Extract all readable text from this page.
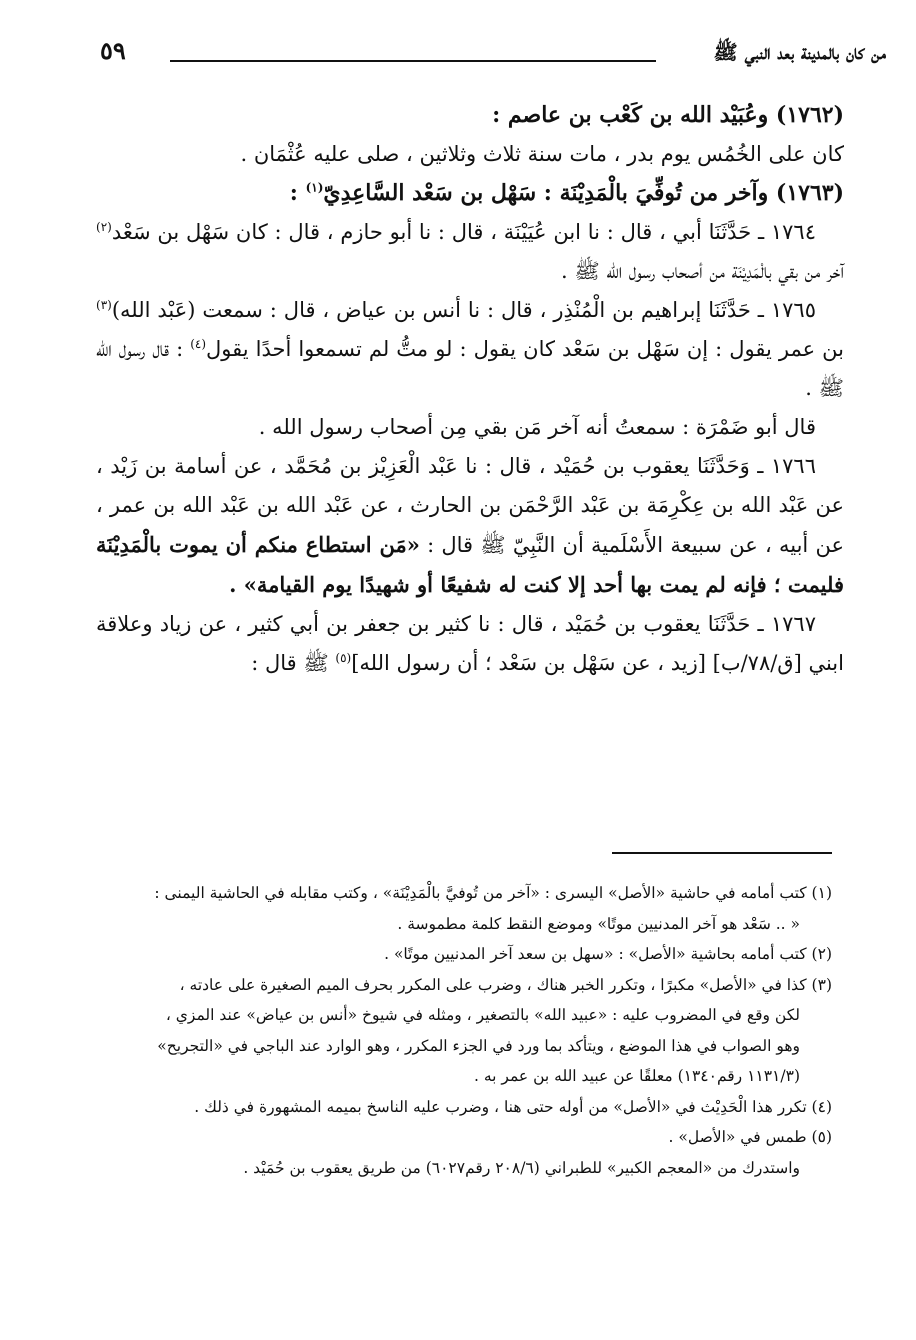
من كان بالمدينة بعد النبي ﷺ
٥٩

(١٧٦٢) وعُبَيْد الله بن كَعْب بن عاصم :

كان على الخُمُس يوم بدر ، مات سنة ثلاث وثلاثين ، صلى عليه عُثْمَان .

(١٧٦٣) وآخر من تُوفِّيَ بالْمَدِيْنَة : سَهْل بن سَعْد السَّاعِدِيّ$^{(١)}$ :

١٧٦٤ ـ حَدَّثَنَا أبي ، قال : نا ابن عُيَيْنَة ، قال : نا أبو حازم ، قال : كان سَهْل بن سَعْد$^{(٢)}$ آخر من بقي بالْمَدِيْنَة من أصحاب رسول الله ﷺ .

١٧٦٥ ـ حَدَّثَنَا إبراهيم بن الْمُنْذِر ، قال : نا أنس بن عياض ، قال : سمعت (عَبْد الله)$^{(٣)}$ بن عمر يقول : إن سَهْل بن سَعْد كان يقول : لو متُّ لم تسمعوا أحدًا يقول$^{(٤)}$ : قال رسول الله ﷺ .

قال أبو ضَمْرَة : سمعتُ أنه آخر مَن بقي مِن أصحاب رسول الله .

١٧٦٦ ـ وَحَدَّثَنَا يعقوب بن حُمَيْد ، قال : نا عَبْد الْعَزِيْز بن مُحَمَّد ، عن أسامة بن زَيْد ، عن عَبْد الله بن عِكْرِمَة بن عَبْد الرَّحْمَن بن الحارث ، عن عَبْد الله بن عَبْد الله بن عمر ، عن أبيه ، عن سبيعة الأَسْلَمية أن النَّبِيّ ﷺ قال : «مَن استطاع منكم أن يموت بالْمَدِيْنَة فليمت ؛ فإنه لم يمت بها أحد إلا كنت له شفيعًا أو شهيدًا يوم القيامة» .

١٧٦٧ ـ حَدَّثَنَا يعقوب بن حُمَيْد ، قال : نا كثير بن جعفر بن أبي كثير ، عن زياد وعلاقة ابني [ق/٧٨/ب] [زيد ، عن سَهْل بن سَعْد ؛ أن رسول الله]$^{(٥)}$ ﷺ قال :

(١) كتب أمامه في حاشية «الأصل» اليسرى : «آخر من تُوفيَّ بالْمَدِيْنَة» ، وكتب مقابله في الحاشية اليمنى :

« .. سَعْد هو آخر المدنيين موتًا» وموضع النقط كلمة مطموسة .

(٢) كتب أمامه بحاشية «الأصل» : «سهل بن سعد آخر المدنيين موتًا» .

(٣) كذا في «الأصل» مكبرًا ، وتكرر الخبر هناك ، وضرب على المكرر بحرف الميم الصغيرة على عادته ،

لكن وقع في المضروب عليه : «عبيد الله» بالتصغير ، ومثله في شيوخ «أنس بن عياض» عند المزي ،

وهو الصواب في هذا الموضع ، ويتأكد بما ورد في الجزء المكرر ، وهو الوارد عند الباجي في «التجريح»

(١١٣١/٣ رقم١٣٤٠) معلقًا عن عبيد الله بن عمر به .

(٤) تكرر هذا الْحَدِيْث في «الأصل» من أوله حتى هنا ، وضرب عليه الناسخ بميمه المشهورة في ذلك .

(٥) طمس في «الأصل» .

واستدرك من «المعجم الكبير» للطبراني (٢٠٨/٦ رقم٦٠٢٧) من طريق يعقوب بن حُمَيْد .
